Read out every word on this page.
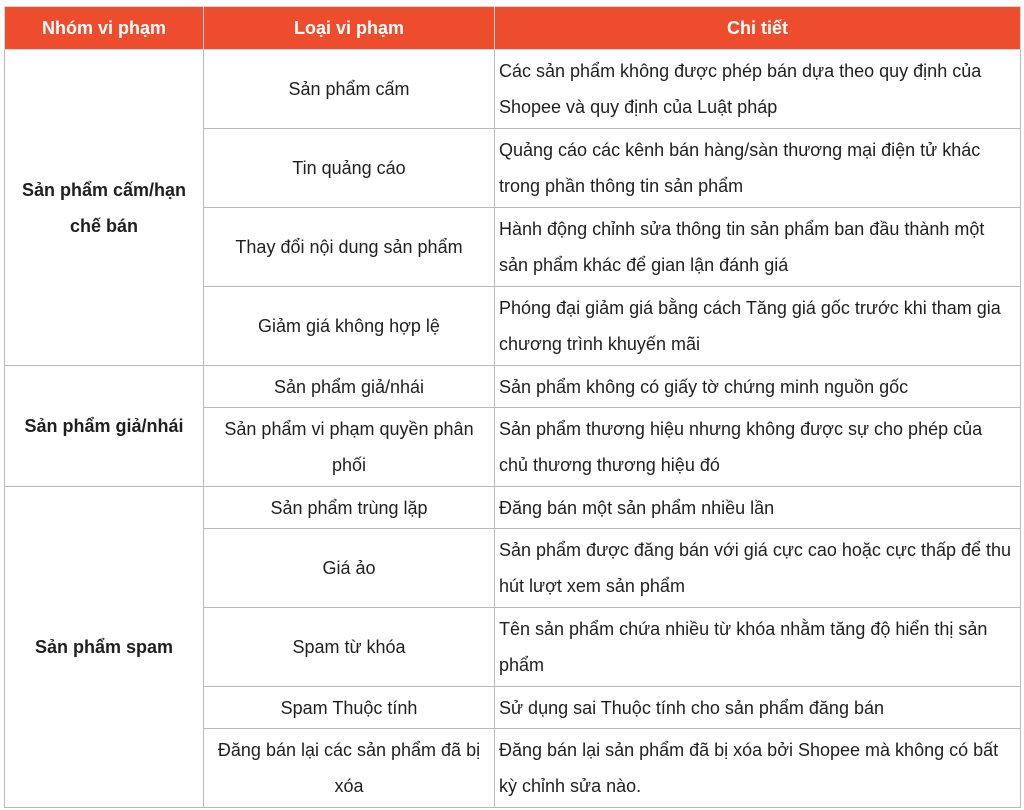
Nhóm vi phạm	Loại vi phạm	Chi tiết
Sản phẩm cấm/hạn chế bán	Sản phẩm cấm	Các sản phẩm không được phép bán dựa theo quy định của Shopee và quy định của Luật pháp
	Tin quảng cáo	Quảng cáo các kênh bán hàng/sàn thương mại điện tử khác trong phần thông tin sản phẩm
	Thay đổi nội dung sản phẩm	Hành động chỉnh sửa thông tin sản phẩm ban đầu thành một sản phẩm khác để gian lận đánh giá
	Giảm giá không hợp lệ	Phóng đại giảm giá bằng cách Tăng giá gốc trước khi tham gia chương trình khuyến mãi
Sản phẩm giả/nhái	Sản phẩm giả/nhái	Sản phẩm không có giấy tờ chứng minh nguồn gốc
	Sản phẩm vi phạm quyền phân phối	Sản phẩm thương hiệu nhưng không được sự cho phép của chủ thương thương hiệu đó
Sản phẩm spam	Sản phẩm trùng lặp	Đăng bán một sản phẩm nhiều lần
	Giá ảo	Sản phẩm được đăng bán với giá cực cao hoặc cực thấp để thu hút lượt xem sản phẩm
	Spam từ khóa	Tên sản phẩm chứa nhiều từ khóa nhằm tăng độ hiển thị sản phẩm
	Spam Thuộc tính	Sử dụng sai Thuộc tính cho sản phẩm đăng bán
	Đăng bán lại các sản phẩm đã bị xóa	Đăng bán lại sản phẩm đã bị xóa bởi Shopee mà không có bất kỳ chỉnh sửa nào.
